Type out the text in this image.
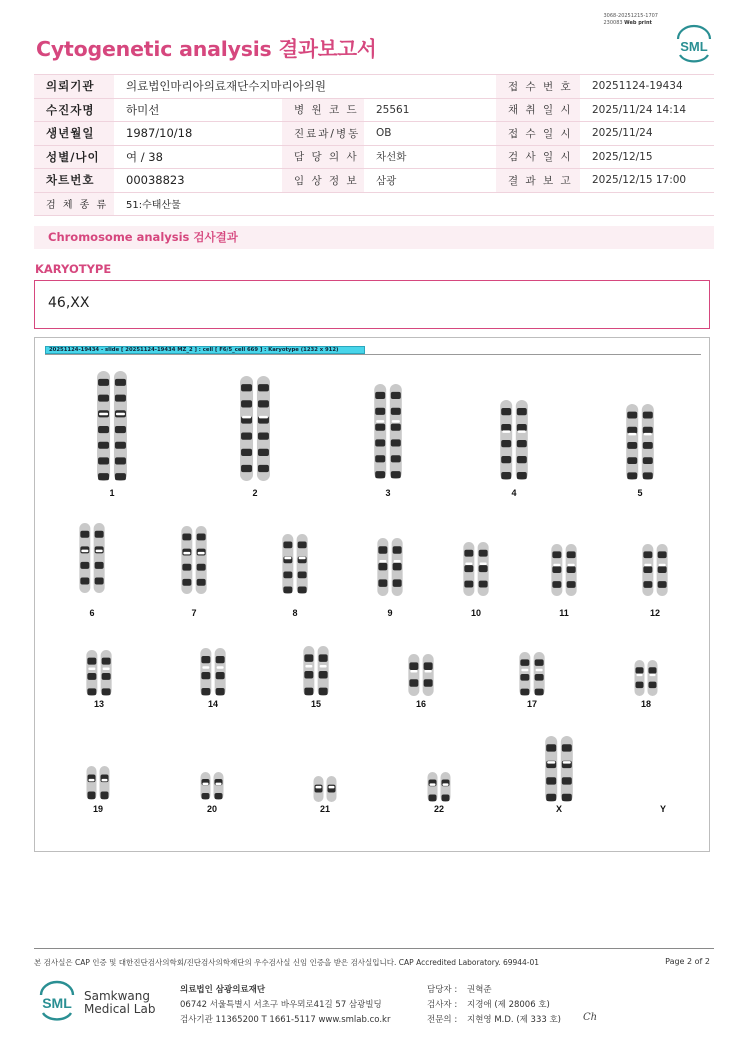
3068-20251215-1707
230083 Web print
Cytogenetic analysis 결과보고서	SML
의뢰기관	의료법인마리아의료재단수지마리아의원			접 수 번 호	20251124-19434
수진자명	하미선	병 원 코 드	25561	채 취 일 시	2025/11/24 14:14
생년월일	1987/10/18	진료과/병동	OB	접 수 일 시	2025/11/24
성별/나이	여 / 38	담 당 의 사	차선화	검 사 일 시	2025/12/15
차트번호	00038823	임 상 정 보	삼광	결 과 보 고	2025/12/15 17:00
검 체 종 류	51:수태산물				
Chromosome analysis 검사결과
KARYOTYPE
46,XX
20251124-19434 - slide [ 20251124-19434 MZ_2 ] : cell [ F6/5_cell 669 ] : Karyotype (1232 x 912)
1	2	3	4	5
6	7	8	9	10	11	12
13	14	15	16	17	18
19	20	21	22	X	Y
본 검사실은 CAP 인증 및 대한진단검사의학회/진단검사의학재단의 우수검사실 신임 인증을 받은 검사실입니다. CAP Accredited Laboratory. 69944-01	Page 2 of 2
SML Samkwang
Medical Lab
의료법인 삼광의료재단
06742 서울특별시 서초구 바우뫼로41길 57 삼광빌딩
검사기관 11365200 T 1661-5117 www.smlab.co.kr
담당자 : 권혁준
검사자 : 지경애 (제 28006 호)
전문의 : 지현영 M.D. (제 333 호) Ch
